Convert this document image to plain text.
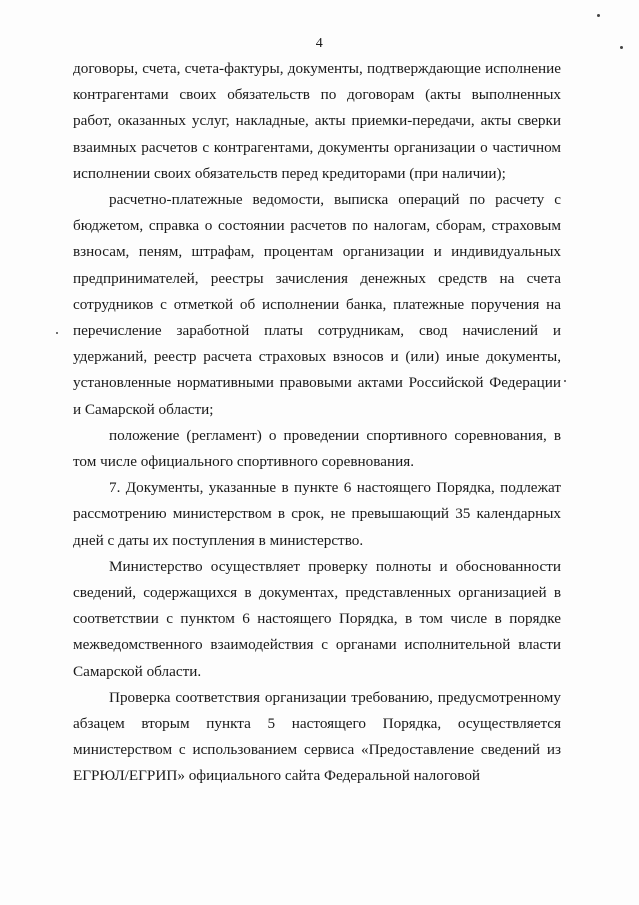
4

договоры, счета, счета-фактуры, документы, подтверждающие исполнение контрагентами своих обязательств по договорам (акты выполненных работ, оказанных услуг, накладные, акты приемки-передачи, акты сверки взаимных расчетов с контрагентами, документы организации о частичном исполнении своих обязательств перед кредиторами (при наличии);

расчетно-платежные ведомости, выписка операций по расчету с бюджетом, справка о состоянии расчетов по налогам, сборам, страховым взносам, пеням, штрафам, процентам организации и индивидуальных предпринимателей, реестры зачисления денежных средств на счета сотрудников с отметкой об исполнении банка, платежные поручения на перечисление заработной платы сотрудникам, свод начислений и удержаний, реестр расчета страховых взносов и (или) иные документы, установленные нормативными правовыми актами Российской Федерации и Самарской области;

положение (регламент) о проведении спортивного соревнования, в том числе официального спортивного соревнования.

7. Документы, указанные в пункте 6 настоящего Порядка, подлежат рассмотрению министерством в срок, не превышающий 35 календарных дней с даты их поступления в министерство.

Министерство осуществляет проверку полноты и обоснованности сведений, содержащихся в документах, представленных организацией в соответствии с пунктом 6 настоящего Порядка, в том числе в порядке межведомственного взаимодействия с органами исполнительной власти Самарской области.

Проверка соответствия организации требованию, предусмотренному абзацем вторым пункта 5 настоящего Порядка, осуществляется министерством с использованием сервиса «Предоставление сведений из ЕГРЮЛ/ЕГРИП» официального сайта Федеральной налоговой
